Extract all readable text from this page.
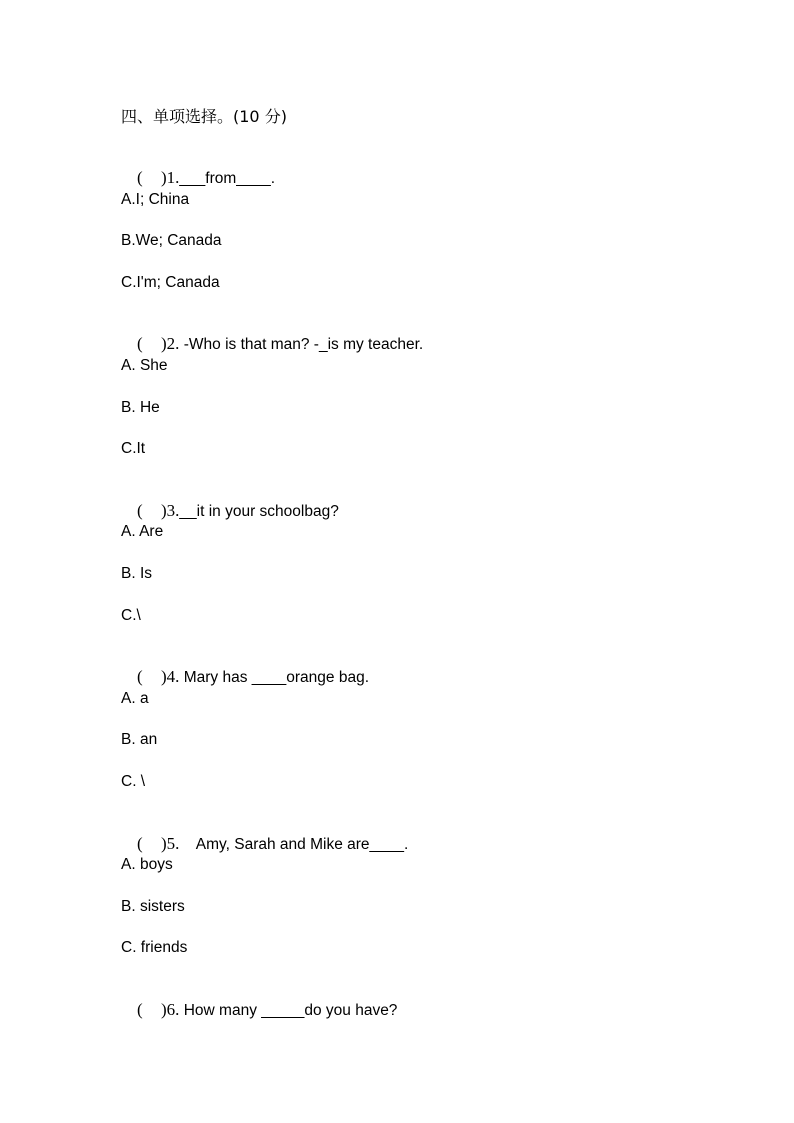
四、单项选择。(10 分)

( )1.___from____.

A.I; China
B.We; Canada
C.I'm; Canada

( )2. -Who is that man? -_is my teacher.

A. She
B. He
C.It

( )3.__it in your schoolbag?

A. Are
B. Is
C.\

( )4. Mary has ____orange bag.

A. a
B. an
C. \

( )5.    Amy, Sarah and Mike are____.

A. boys
B. sisters
C. friends

( )6. How many _____do you have?
